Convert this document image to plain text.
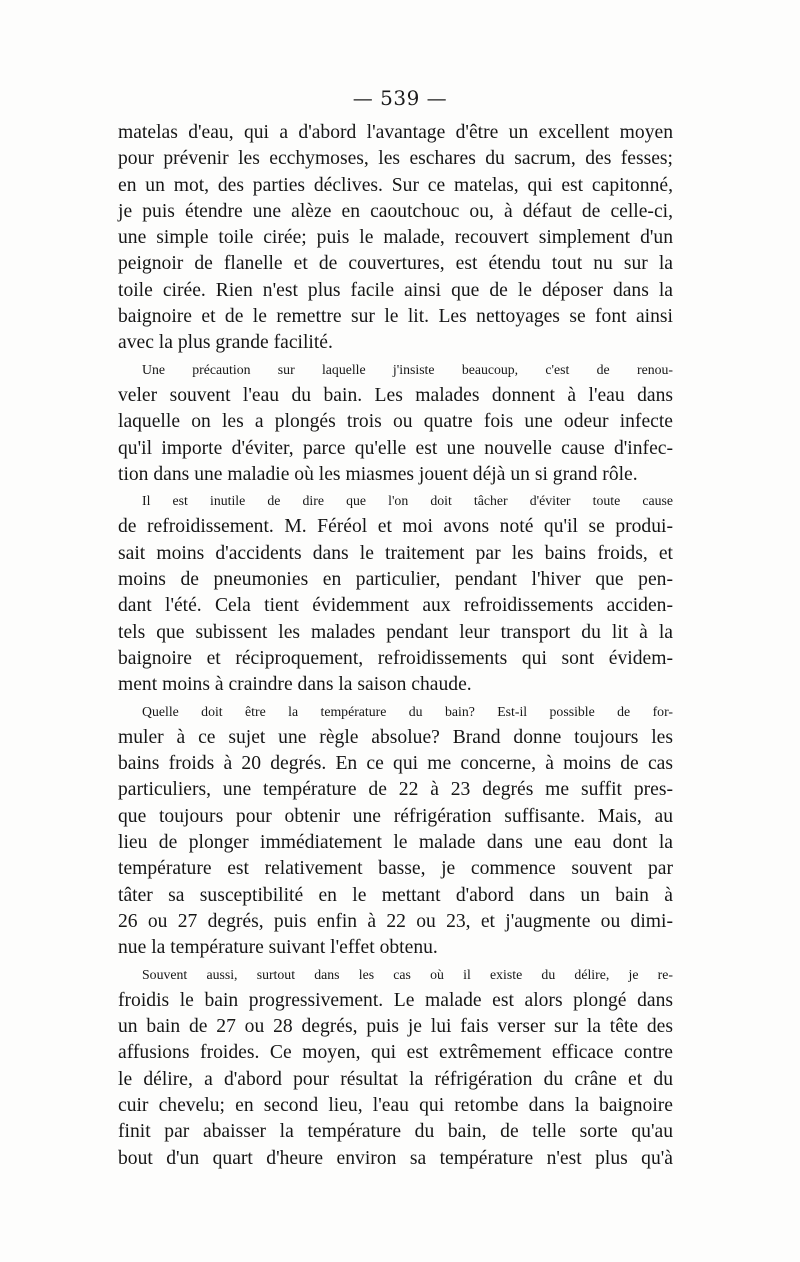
— 539 —
matelas d'eau, qui a d'abord l'avantage d'être un excellent moyen
pour prévenir les ecchymoses, les eschares du sacrum, des fesses;
en un mot, des parties déclives. Sur ce matelas, qui est capitonné,
je puis étendre une alèze en caoutchouc ou, à défaut de celle-ci,
une simple toile cirée; puis le malade, recouvert simplement d'un
peignoir de flanelle et de couvertures, est étendu tout nu sur la
toile cirée. Rien n'est plus facile ainsi que de le déposer dans la
baignoire et de le remettre sur le lit. Les nettoyages se font ainsi
avec la plus grande facilité.
Une précaution sur laquelle j'insiste beaucoup, c'est de renou-
veler souvent l'eau du bain. Les malades donnent à l'eau dans
laquelle on les a plongés trois ou quatre fois une odeur infecte
qu'il importe d'éviter, parce qu'elle est une nouvelle cause d'infec-
tion dans une maladie où les miasmes jouent déjà un si grand rôle.
Il est inutile de dire que l'on doit tâcher d'éviter toute cause
de refroidissement. M. Féréol et moi avons noté qu'il se produi-
sait moins d'accidents dans le traitement par les bains froids, et
moins de pneumonies en particulier, pendant l'hiver que pen-
dant l'été. Cela tient évidemment aux refroidissements acciden-
tels que subissent les malades pendant leur transport du lit à la
baignoire et réciproquement, refroidissements qui sont évidem-
ment moins à craindre dans la saison chaude.
Quelle doit être la température du bain? Est-il possible de for-
muler à ce sujet une règle absolue? Brand donne toujours les
bains froids à 20 degrés. En ce qui me concerne, à moins de cas
particuliers, une température de 22 à 23 degrés me suffit pres-
que toujours pour obtenir une réfrigération suffisante. Mais, au
lieu de plonger immédiatement le malade dans une eau dont la
température est relativement basse, je commence souvent par
tâter sa susceptibilité en le mettant d'abord dans un bain à
26 ou 27 degrés, puis enfin à 22 ou 23, et j'augmente ou dimi-
nue la température suivant l'effet obtenu.
Souvent aussi, surtout dans les cas où il existe du délire, je re-
froidis le bain progressivement. Le malade est alors plongé dans
un bain de 27 ou 28 degrés, puis je lui fais verser sur la tête des
affusions froides. Ce moyen, qui est extrêmement efficace contre
le délire, a d'abord pour résultat la réfrigération du crâne et du
cuir chevelu; en second lieu, l'eau qui retombe dans la baignoire
finit par abaisser la température du bain, de telle sorte qu'au
bout d'un quart d'heure environ sa température n'est plus qu'à
